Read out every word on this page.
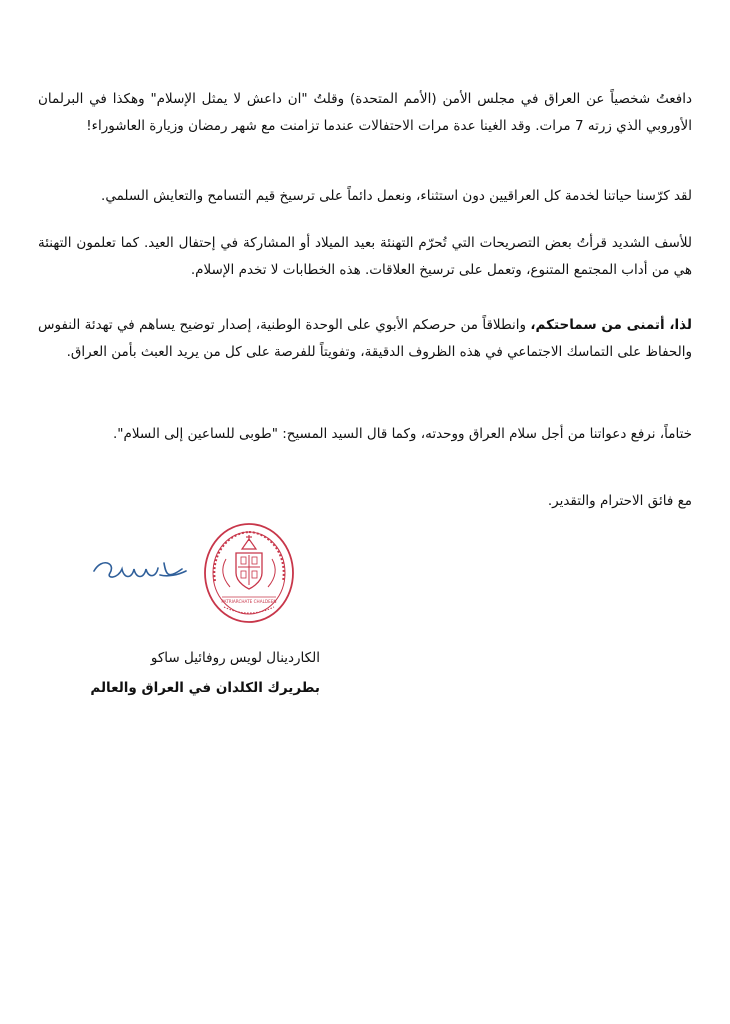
دافعتُ شخصياً عن العراق في مجلس الأمن (الأمم المتحدة) وقلتُ "ان داعش لا يمثل الإسلام" وهكذا في البرلمان الأوروبي الذي زرته 7 مرات. وقد الغينا عدة مرات الاحتفالات عندما تزامنت مع شهر رمضان وزيارة العاشوراء!

لقد كرّسنا حياتنا لخدمة كل العراقيين دون استثناء، ونعمل دائماً على ترسيخ قيم التسامح والتعايش السلمي.

للأسف الشديد قرأتُ بعض التصريحات التي تُحرّم التهنئة بعيد الميلاد أو المشاركة في إحتفال العيد. كما تعلمون التهنئة هي من أداب المجتمع المتنوع، وتعمل على ترسيخ العلاقات. هذه الخطابات لا تخدم الإسلام.

لذا، أتمنى من سماحتكم، وانطلاقاً من حرصكم الأبوي على الوحدة الوطنية، إصدار توضيح يساهم في تهدئة النفوس والحفاظ على التماسك الاجتماعي في هذه الظروف الدقيقة، وتفويتاً للفرصة على كل من يريد العبث بأمن العراق.

ختاماً، نرفع دعواتنا من أجل سلام العراق ووحدته، وكما قال السيد المسيح: "طوبى للساعين إلى السلام".

مع فائق الاحترام والتقدير.

PATRIARCHATE CHALDEEN
الكاردينال لويس روفائيل ساكو
بطريرك الكلدان في العراق والعالم
